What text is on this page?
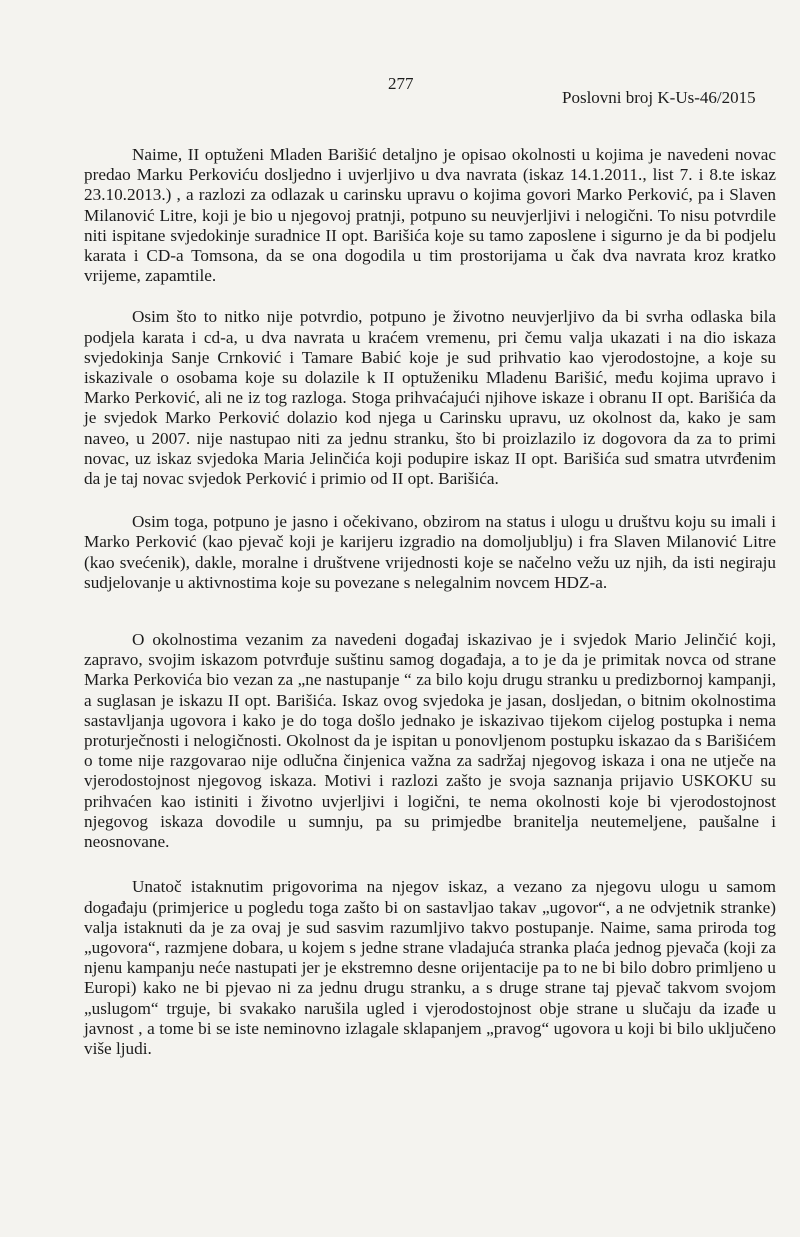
277
Poslovni broj K-Us-46/2015

Naime, II optuženi Mladen Barišić detaljno je opisao okolnosti u kojima je navedeni novac predao Marku Perkoviću dosljedno i uvjerljivo u dva navrata (iskaz 14.1.2011., list 7. i 8.te iskaz 23.10.2013.) , a razlozi za odlazak u carinsku upravu o kojima govori Marko Perković, pa i Slaven Milanović Litre, koji je bio u njegovoj pratnji, potpuno su neuvjerljivi i nelogični. To nisu potvrdile niti ispitane svjedokinje suradnice II opt. Barišića koje su tamo zaposlene i sigurno je da bi podjelu karata i CD-a Tomsona, da se ona dogodila u tim prostorijama u čak dva navrata kroz kratko vrijeme, zapamtile.

Osim što to nitko nije potvrdio, potpuno je životno neuvjerljivo da bi svrha odlaska bila podjela karata i cd-a, u dva navrata u kraćem vremenu, pri čemu valja ukazati i na dio iskaza svjedokinja Sanje Crnković i Tamare Babić koje je sud prihvatio kao vjerodostojne, a koje su iskazivale o osobama koje su dolazile k II optuženiku Mladenu Barišić, među kojima upravo i Marko Perković, ali ne iz tog razloga. Stoga prihvaćajući njihove iskaze i obranu II opt. Barišića da je svjedok Marko Perković dolazio kod njega u Carinsku upravu, uz okolnost da, kako je sam naveo, u 2007. nije nastupao niti za jednu stranku, što bi proizlazilo iz dogovora da za to primi novac, uz iskaz svjedoka Maria Jelinčića koji podupire iskaz II opt. Barišića sud smatra utvrđenim da je taj novac svjedok Perković i primio od II opt. Barišića.

Osim toga, potpuno je jasno i očekivano, obzirom na status i ulogu u društvu koju su imali i Marko Perković (kao pjevač koji je karijeru izgradio na domoljublju) i fra Slaven Milanović Litre (kao svećenik), dakle, moralne i društvene vrijednosti koje se načelno vežu uz njih, da isti negiraju sudjelovanje u aktivnostima koje su povezane s nelegalnim novcem HDZ-a.

O okolnostima vezanim za navedeni događaj iskazivao je i svjedok Mario Jelinčić koji, zapravo, svojim iskazom potvrđuje suštinu samog događaja, a to je da je primitak novca od strane Marka Perkovića bio vezan za „ne nastupanje “ za bilo koju drugu stranku u predizbornoj kampanji, a suglasan je iskazu II opt. Barišića. Iskaz ovog svjedoka je jasan, dosljedan, o bitnim okolnostima sastavljanja ugovora i kako je do toga došlo jednako je iskazivao tijekom cijelog postupka i nema proturječnosti i nelogičnosti. Okolnost da je ispitan u ponovljenom postupku iskazao da s Barišićem o tome nije razgovarao nije odlučna činjenica važna za sadržaj njegovog iskaza i ona ne utječe na vjerodostojnost njegovog iskaza. Motivi i razlozi zašto je svoja saznanja prijavio USKOKU su prihvaćen kao istiniti i životno uvjerljivi i logični, te nema okolnosti koje bi vjerodostojnost njegovog iskaza dovodile u sumnju, pa su primjedbe branitelja neutemeljene, paušalne i neosnovane.

Unatoč istaknutim prigovorima na njegov iskaz, a vezano za njegovu ulogu u samom događaju (primjerice u pogledu toga zašto bi on sastavljao takav „ugovor“, a ne odvjetnik stranke) valja istaknuti da je za ovaj je sud sasvim razumljivo takvo postupanje. Naime, sama priroda tog „ugovora“, razmjene dobara, u kojem s jedne strane vladajuća stranka plaća jednog pjevača (koji za njenu kampanju neće nastupati jer je ekstremno desne orijentacije pa to ne bi bilo dobro primljeno u Europi) kako ne bi pjevao ni za jednu drugu stranku, a s druge strane taj pjevač takvom svojom „uslugom“ trguje, bi svakako narušila ugled i vjerodostojnost obje strane u slučaju da izađe u javnost , a tome bi se iste neminovno izlagale sklapanjem „pravog“ ugovora u koji bi bilo uključeno više ljudi.
